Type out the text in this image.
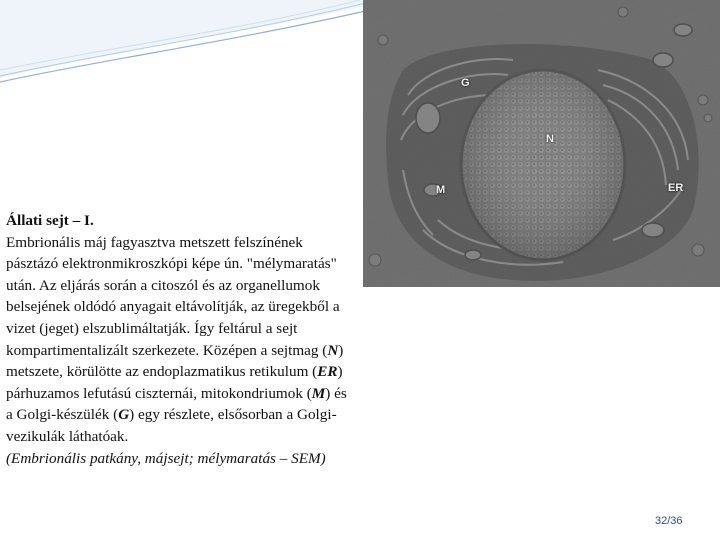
G
N
M	ER

Állati sejt – I.

Embrionális máj fagyasztva metszett felszínének pásztázó elektronmikroszkópi képe ún. "mélymaratás" után. Az eljárás során a citoszól és az organellumok belsejének oldódó anyagait eltávolítják, az üregekből a vizet (jeget) elszublimáltatják. Így feltárul a sejt kompartimentalizált szerkezete. Középen a sejtmag (N) metszete, körülötte az endoplazmatikus retikulum (ER) párhuzamos lefutású ciszternái, mitokondriumok (M) és a Golgi-készülék (G) egy részlete, elsősorban a Golgi-vezikulák láthatóak.

(Embrionális patkány, májsejt; mélymaratás – SEM)

32/36
